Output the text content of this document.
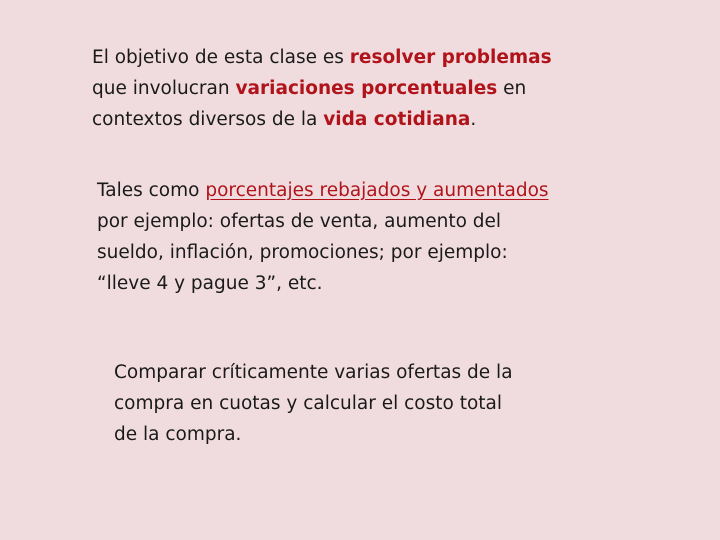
El objetivo de esta clase es resolver problemas
que involucran variaciones porcentuales en
contextos diversos de la vida cotidiana.

Tales como porcentajes rebajados y aumentados
por ejemplo: ofertas de venta, aumento del
sueldo, inflación, promociones; por ejemplo:
“lleve 4 y pague 3”, etc.

Comparar críticamente varias ofertas de la
compra en cuotas y calcular el costo total
de la compra.
